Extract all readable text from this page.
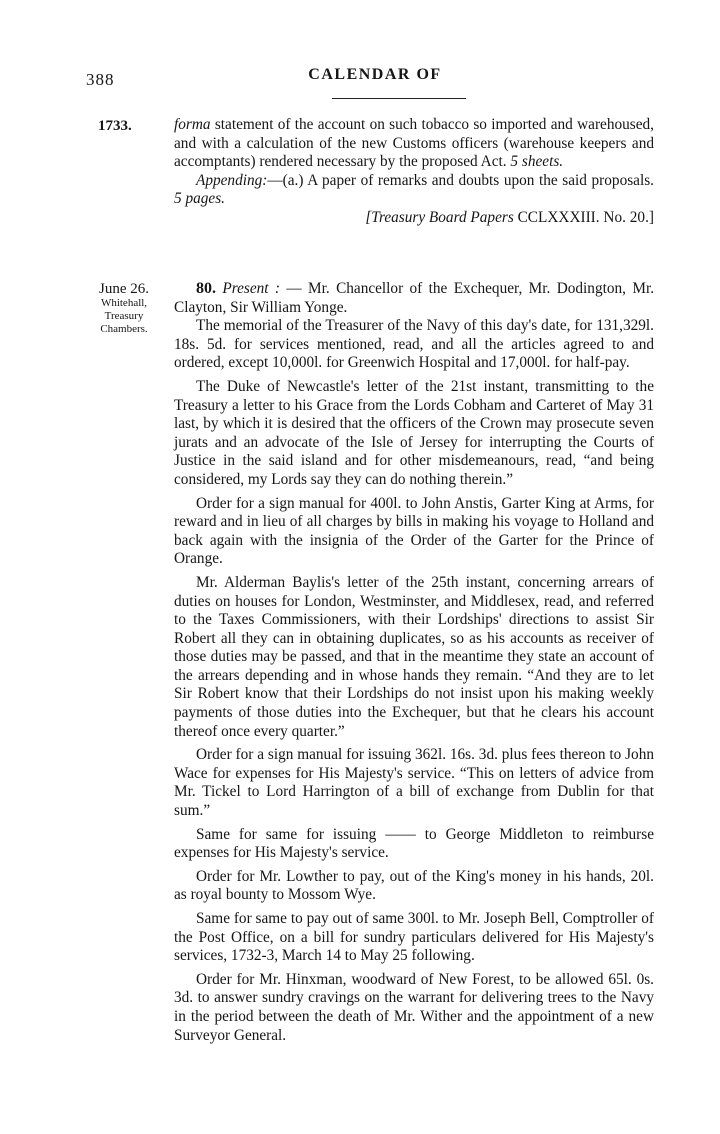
388	CALENDAR OF
1733.	forma statement of the account on such tobacco so imported and warehoused, and with a calculation of the new Customs officers (warehouse keepers and accomptants) rendered necessary by the proposed Act. 5 sheets.

Appending:—(a.) A paper of remarks and doubts upon the said proposals. 5 pages.

[Treasury Board Papers CCLXXXIII. No. 20.]

June 26.
Whitehall,
Treasury
Chambers.

80. Present : — Mr. Chancellor of the Exchequer, Mr. Dodington, Mr. Clayton, Sir William Yonge.

The memorial of the Treasurer of the Navy of this day's date, for 131,329l. 18s. 5d. for services mentioned, read, and all the articles agreed to and ordered, except 10,000l. for Greenwich Hospital and 17,000l. for half-pay.

The Duke of Newcastle's letter of the 21st instant, transmitting to the Treasury a letter to his Grace from the Lords Cobham and Carteret of May 31 last, by which it is desired that the officers of the Crown may prosecute seven jurats and an advocate of the Isle of Jersey for interrupting the Courts of Justice in the said island and for other misdemeanours, read, “and being considered, my Lords say they can do nothing therein.”

Order for a sign manual for 400l. to John Anstis, Garter King at Arms, for reward and in lieu of all charges by bills in making his voyage to Holland and back again with the insignia of the Order of the Garter for the Prince of Orange.

Mr. Alderman Baylis's letter of the 25th instant, concerning arrears of duties on houses for London, Westminster, and Middlesex, read, and referred to the Taxes Commissioners, with their Lordships' directions to assist Sir Robert all they can in obtaining duplicates, so as his accounts as receiver of those duties may be passed, and that in the meantime they state an account of the arrears depending and in whose hands they remain. “And they are to let Sir Robert know that their Lordships do not insist upon his making weekly payments of those duties into the Exchequer, but that he clears his account thereof once every quarter.”

Order for a sign manual for issuing 362l. 16s. 3d. plus fees thereon to John Wace for expenses for His Majesty's service. “This on letters of advice from Mr. Tickel to Lord Harrington of a bill of exchange from Dublin for that sum.”

Same for same for issuing —— to George Middleton to reimburse expenses for His Majesty's service.

Order for Mr. Lowther to pay, out of the King's money in his hands, 20l. as royal bounty to Mossom Wye.

Same for same to pay out of same 300l. to Mr. Joseph Bell, Comptroller of the Post Office, on a bill for sundry particulars delivered for His Majesty's services, 1732-3, March 14 to May 25 following.

Order for Mr. Hinxman, woodward of New Forest, to be allowed 65l. 0s. 3d. to answer sundry cravings on the warrant for delivering trees to the Navy in the period between the death of Mr. Wither and the appointment of a new Surveyor General.
